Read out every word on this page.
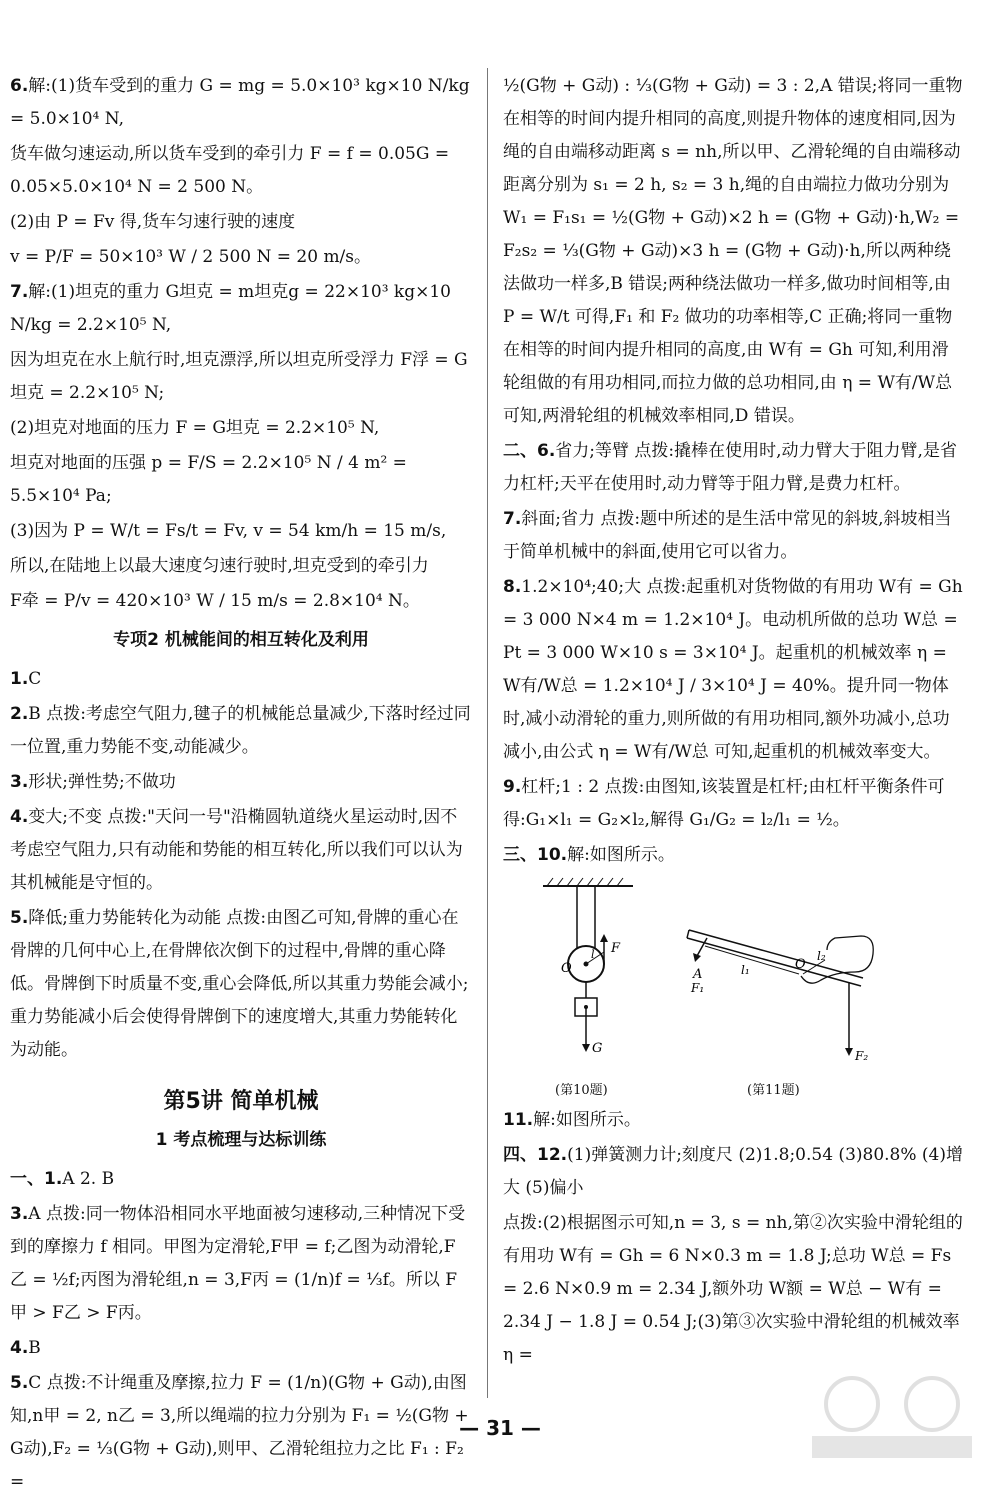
6.解:(1)货车受到的重力 G = mg = 5.0×10³ kg×10 N/kg = 5.0×10⁴ N,

货车做匀速运动,所以货车受到的牵引力 F = f = 0.05G = 0.05×5.0×10⁴ N = 2 500 N。

(2)由 P = Fv 得,货车匀速行驶的速度

v = P/F = 50×10³ W / 2 500 N = 20 m/s。

7.解:(1)坦克的重力 G坦克 = m坦克g = 22×10³ kg×10 N/kg = 2.2×10⁵ N,

因为坦克在水上航行时,坦克漂浮,所以坦克所受浮力 F浮 = G坦克 = 2.2×10⁵ N;

(2)坦克对地面的压力 F = G坦克 = 2.2×10⁵ N,

坦克对地面的压强 p = F/S = 2.2×10⁵ N / 4 m² = 5.5×10⁴ Pa;

(3)因为 P = W/t = Fs/t = Fv, v = 54 km/h = 15 m/s,

所以,在陆地上以最大速度匀速行驶时,坦克受到的牵引力

F牵 = P/v = 420×10³ W / 15 m/s = 2.8×10⁴ N。

专项2 机械能间的相互转化及利用

1.C

2.B 点拨:考虑空气阻力,毽子的机械能总量减少,下落时经过同一位置,重力势能不变,动能减少。

3.形状;弹性势;不做功

4.变大;不变 点拨:"天问一号"沿椭圆轨道绕火星运动时,因不考虑空气阻力,只有动能和势能的相互转化,所以我们可以认为其机械能是守恒的。

5.降低;重力势能转化为动能 点拨:由图乙可知,骨牌的重心在骨牌的几何中心上,在骨牌依次倒下的过程中,骨牌的重心降低。骨牌倒下时质量不变,重心会降低,所以其重力势能会减小;重力势能减小后会使得骨牌倒下的速度增大,其重力势能转化为动能。

第5讲 简单机械
1 考点梳理与达标训练

一、1.A 2. B

3.A 点拨:同一物体沿相同水平地面被匀速移动,三种情况下受到的摩擦力 f 相同。甲图为定滑轮,F甲 = f;乙图为动滑轮,F乙 = ½f;丙图为滑轮组,n = 3,F丙 = (1/n)f = ⅓f。所以 F甲 > F乙 > F丙。

4.B

5.C 点拨:不计绳重及摩擦,拉力 F = (1/n)(G物 + G动),由图知,n甲 = 2, n乙 = 3,所以绳端的拉力分别为 F₁ = ½(G物 + G动),F₂ = ⅓(G物 + G动),则甲、乙滑轮组拉力之比 F₁ : F₂ =

½(G物 + G动) : ⅓(G物 + G动) = 3 : 2,A 错误;将同一重物在相等的时间内提升相同的高度,则提升物体的速度相同,因为绳的自由端移动距离 s = nh,所以甲、乙滑轮绳的自由端移动距离分别为 s₁ = 2 h, s₂ = 3 h,绳的自由端拉力做功分别为 W₁ = F₁s₁ = ½(G物 + G动)×2 h = (G物 + G动)·h,W₂ = F₂s₂ = ⅓(G物 + G动)×3 h = (G物 + G动)·h,所以两种绕法做功一样多,B 错误;两种绕法做功一样多,做功时间相等,由 P = W/t 可得,F₁ 和 F₂ 做功的功率相等,C 正确;将同一重物在相等的时间内提升相同的高度,由 W有 = Gh 可知,利用滑轮组做的有用功相同,而拉力做的总功相同,由 η = W有/W总 可知,两滑轮组的机械效率相同,D 错误。

二、6.省力;等臂 点拨:撬棒在使用时,动力臂大于阻力臂,是省力杠杆;天平在使用时,动力臂等于阻力臂,是费力杠杆。

7.斜面;省力 点拨:题中所述的是生活中常见的斜坡,斜坡相当于简单机械中的斜面,使用它可以省力。

8.1.2×10⁴;40;大 点拨:起重机对货物做的有用功 W有 = Gh = 3 000 N×4 m = 1.2×10⁴ J。电动机所做的总功 W总 = Pt = 3 000 W×10 s = 3×10⁴ J。起重机的机械效率 η = W有/W总 = 1.2×10⁴ J / 3×10⁴ J = 40%。提升同一物体时,减小动滑轮的重力,则所做的有用功相同,额外功减小,总功减小,由公式 η = W有/W总 可知,起重机的机械效率变大。

9.杠杆;1 : 2 点拨:由图知,该装置是杠杆;由杠杆平衡条件可得:G₁×l₁ = G₂×l₂,解得 G₁/G₂ = l₂/l₁ = ½。

三、10.解:如图所示。

O
l F
G
A
F₁
l₁	O
l₂
F₂
(第10题)	(第11题)

11.解:如图所示。

四、12.(1)弹簧测力计;刻度尺 (2)1.8;0.54 (3)80.8% (4)增大 (5)偏小

点拨:(2)根据图示可知,n = 3, s = nh,第②次实验中滑轮组的有用功 W有 = Gh = 6 N×0.3 m = 1.8 J;总功 W总 = Fs = 2.6 N×0.9 m = 2.34 J,额外功 W额 = W总 − W有 = 2.34 J − 1.8 J = 0.54 J;(3)第③次实验中滑轮组的机械效率 η =

— 31 —
